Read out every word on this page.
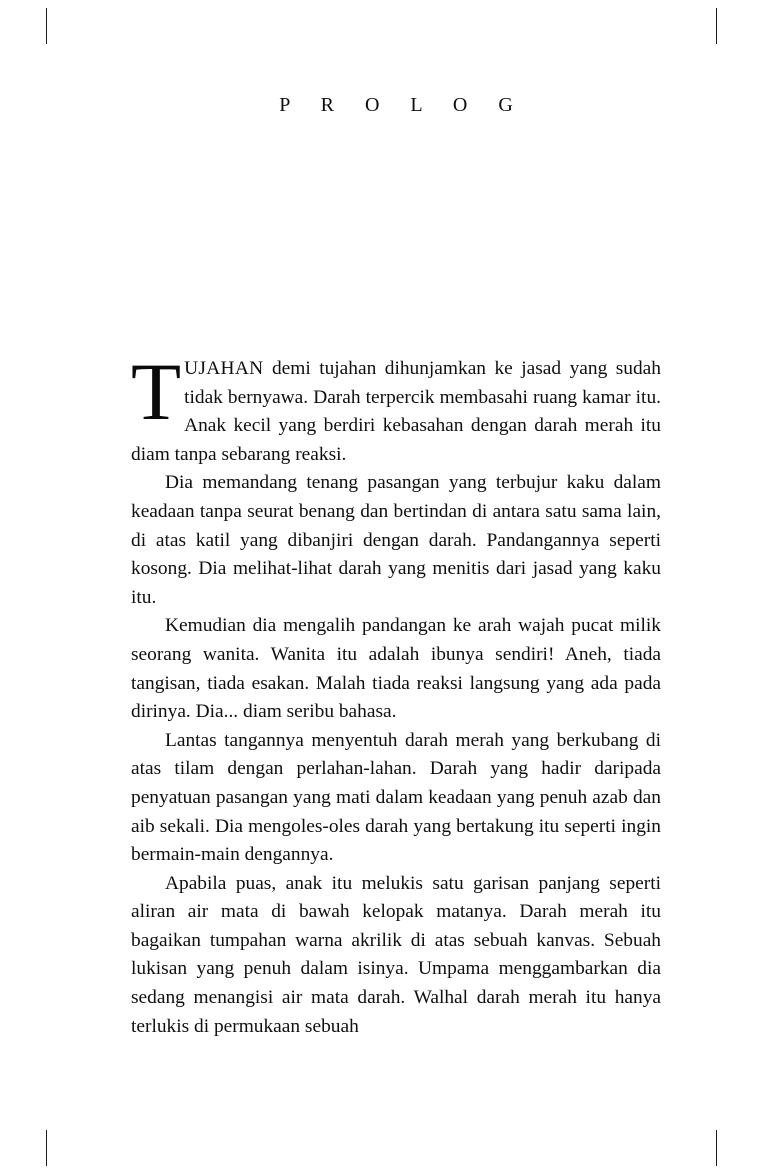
P R O L O G

TUJAHAN demi tujahan dihunjamkan ke jasad yang sudah tidak bernyawa. Darah terpercik membasahi ruang kamar itu. Anak kecil yang berdiri kebasahan dengan darah merah itu diam tanpa sebarang reaksi.

Dia memandang tenang pasangan yang terbujur kaku dalam keadaan tanpa seurat benang dan bertindan di antara satu sama lain, di atas katil yang dibanjiri dengan darah. Pandangannya seperti kosong. Dia melihat-lihat darah yang menitis dari jasad yang kaku itu.

Kemudian dia mengalih pandangan ke arah wajah pucat milik seorang wanita. Wanita itu adalah ibunya sendiri! Aneh, tiada tangisan, tiada esakan. Malah tiada reaksi langsung yang ada pada dirinya. Dia... diam seribu bahasa.

Lantas tangannya menyentuh darah merah yang berkubang di atas tilam dengan perlahan-lahan. Darah yang hadir daripada penyatuan pasangan yang mati dalam keadaan yang penuh azab dan aib sekali. Dia mengoles-oles darah yang bertakung itu seperti ingin bermain-main dengannya.

Apabila puas, anak itu melukis satu garisan panjang seperti aliran air mata di bawah kelopak matanya. Darah merah itu bagaikan tumpahan warna akrilik di atas sebuah kanvas. Sebuah lukisan yang penuh dalam isinya. Umpama menggambarkan dia sedang menangisi air mata darah. Walhal darah merah itu hanya terlukis di permukaan sebuah
